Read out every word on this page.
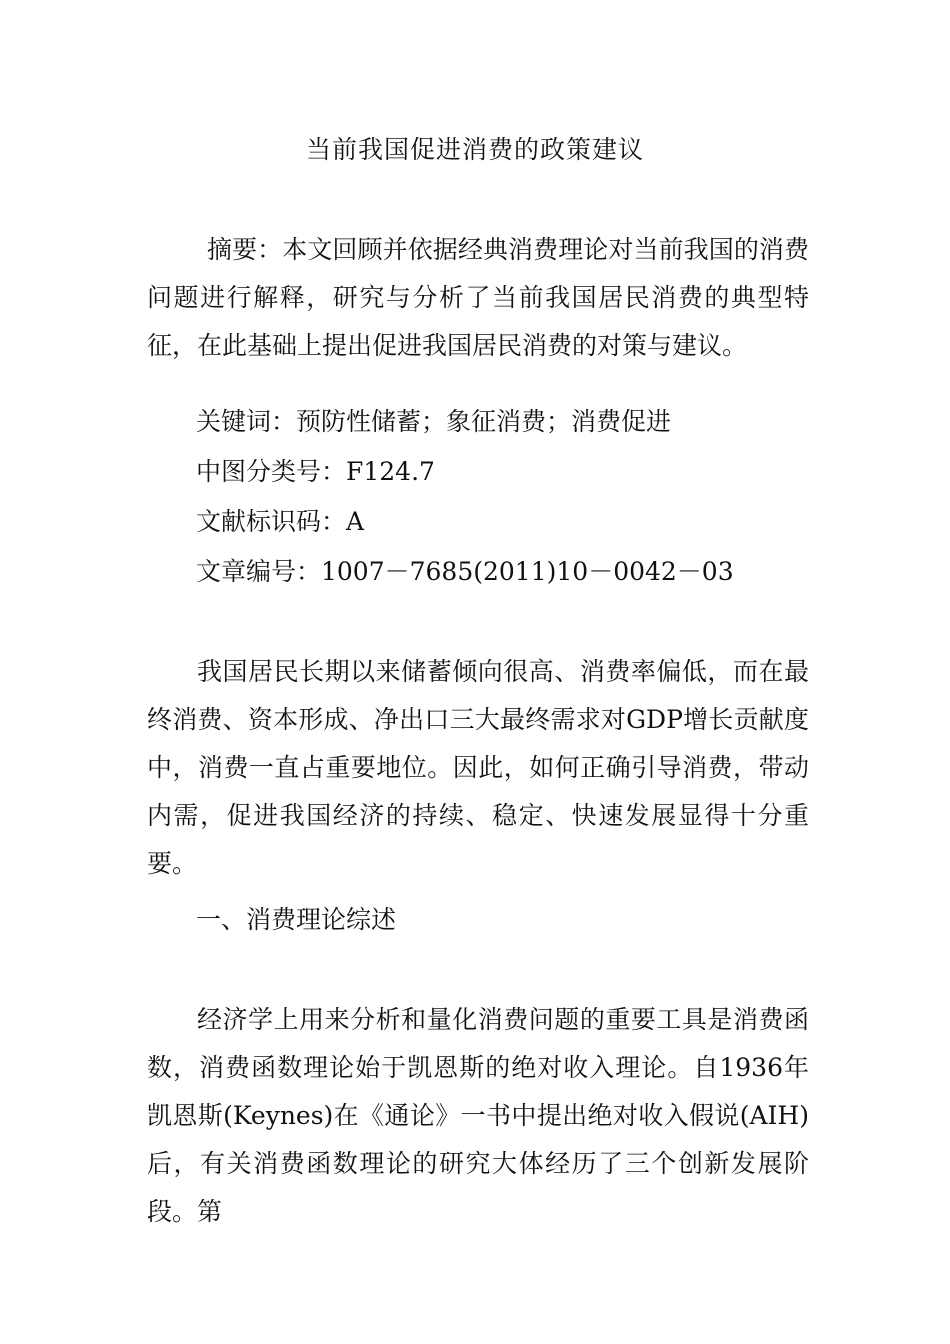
当前我国促进消费的政策建议

摘要：本文回顾并依据经典消费理论对当前我国的消费问题进行解释，研究与分析了当前我国居民消费的典型特征，在此基础上提出促进我国居民消费的对策与建议。

关键词：预防性储蓄；象征消费；消费促进
中图分类号：F124.7
文献标识码：A
文章编号：1007－7685(2011)10－0042－03

我国居民长期以来储蓄倾向很高、消费率偏低，而在最终消费、资本形成、净出口三大最终需求对GDP增长贡献度中，消费一直占重要地位。因此，如何正确引导消费，带动内需，促进我国经济的持续、稳定、快速发展显得十分重要。

一、消费理论综述

经济学上用来分析和量化消费问题的重要工具是消费函数，消费函数理论始于凯恩斯的绝对收入理论。自1936年凯恩斯(Keynes)在《通论》一书中提出绝对收入假说(AIH)后，有关消费函数理论的研究大体经历了三个创新发展阶段。第
